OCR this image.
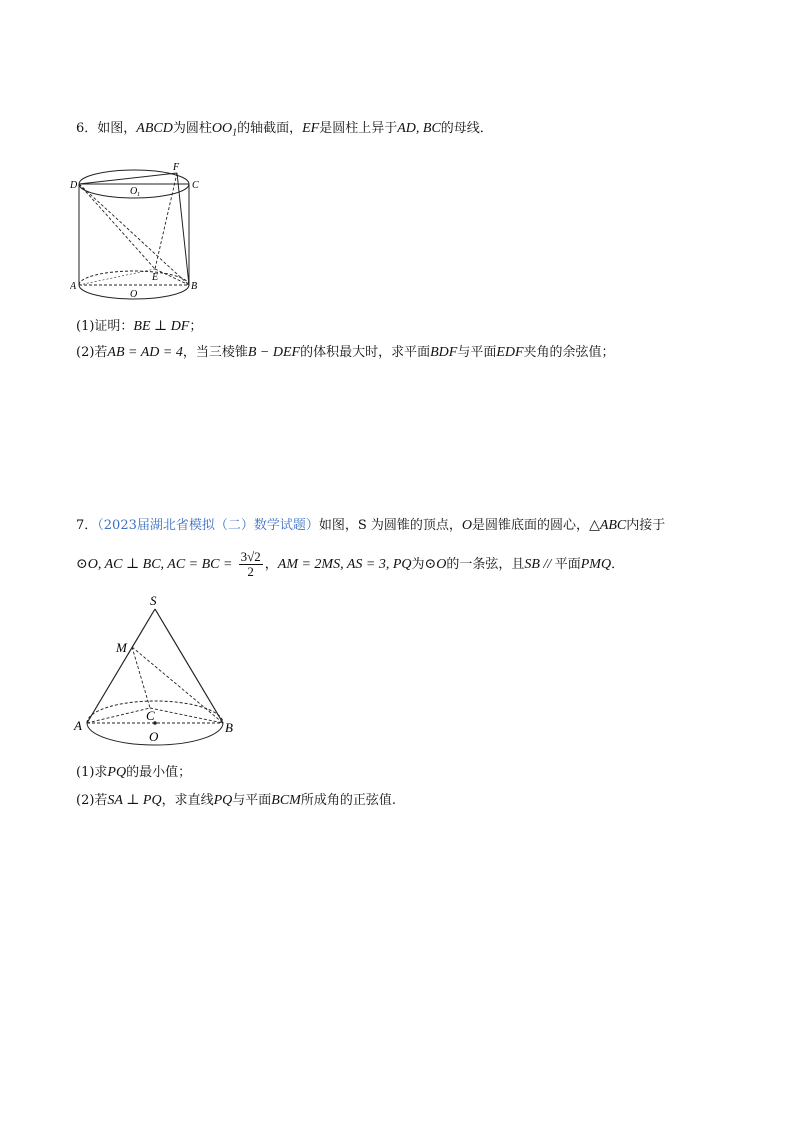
6．如图，ABCD为圆柱$OO_1$的轴截面，EF是圆柱上异于AD, BC的母线．
F
D	C
O 1
E
A
O
B
(1)证明：BE ⊥ DF；
(2)若AB = AD = 4，当三棱锥B − DEF的体积最大时，求平面BDF与平面EDF夹角的余弦值；
7．（2023届湖北省模拟（二）数学试题）如图，S 为圆锥的顶点，O是圆锥底面的圆心，△ABC内接于
⊙O, AC ⊥ BC, AC = BC = $\frac{3√2}{2}$ ，AM = 2MS, AS = 3, PQ为⊙O的一条弦，且SB // 平面PMQ．
S
M
C
A	B
O
(1)求PQ的最小值；
(2)若SA ⊥ PQ，求直线PQ与平面BCM所成角的正弦值.
